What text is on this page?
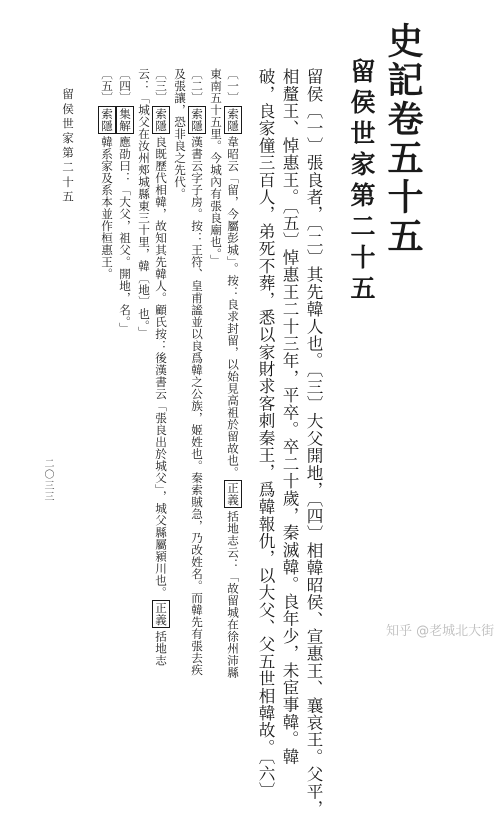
史記卷五十五
留侯世家第二十五
留侯〔一〕張良者，〔二〕其先韓人也。〔三〕大父開地，〔四〕相韓昭侯、宣惠王、襄哀王。父平，
相釐王、悼惠王。〔五〕悼惠王二十三年，平卒。卒二十歲，秦滅韓。良年少，未宦事韓。韓
破，良家僮三百人，弟死不葬，悉以家財求客刺秦王，爲韓報仇，以大父、父五世相韓故。〔六〕
〔一〕索隱韋昭云「留，今屬彭城」。按：良求封留，以始見高祖於留故也。正義括地志云：「故留城在徐州沛縣
東南五十五里。今城內有張良廟也。」
〔二〕索隱漢書云字子房。按：王符、皇甫謐並以良爲韓之公族，姬姓也。秦索賊急，乃改姓名。而韓先有張去疾
及張讓，恐非良之先代。
〔三〕索隱良既歷代相韓，故知其先韓人。顧氏按：後漢書云「張良出於城父」，城父縣屬潁川也。正義括地志
云：「城父在汝州郟城縣東三十里，韓〔地〕也。」
〔四〕集解應劭曰：「大父，祖父。開地，名。」
〔五〕索隱韓系家及系本並作桓惠王。
留侯世家第二十五
二〇三三
知乎 @老城北大街
